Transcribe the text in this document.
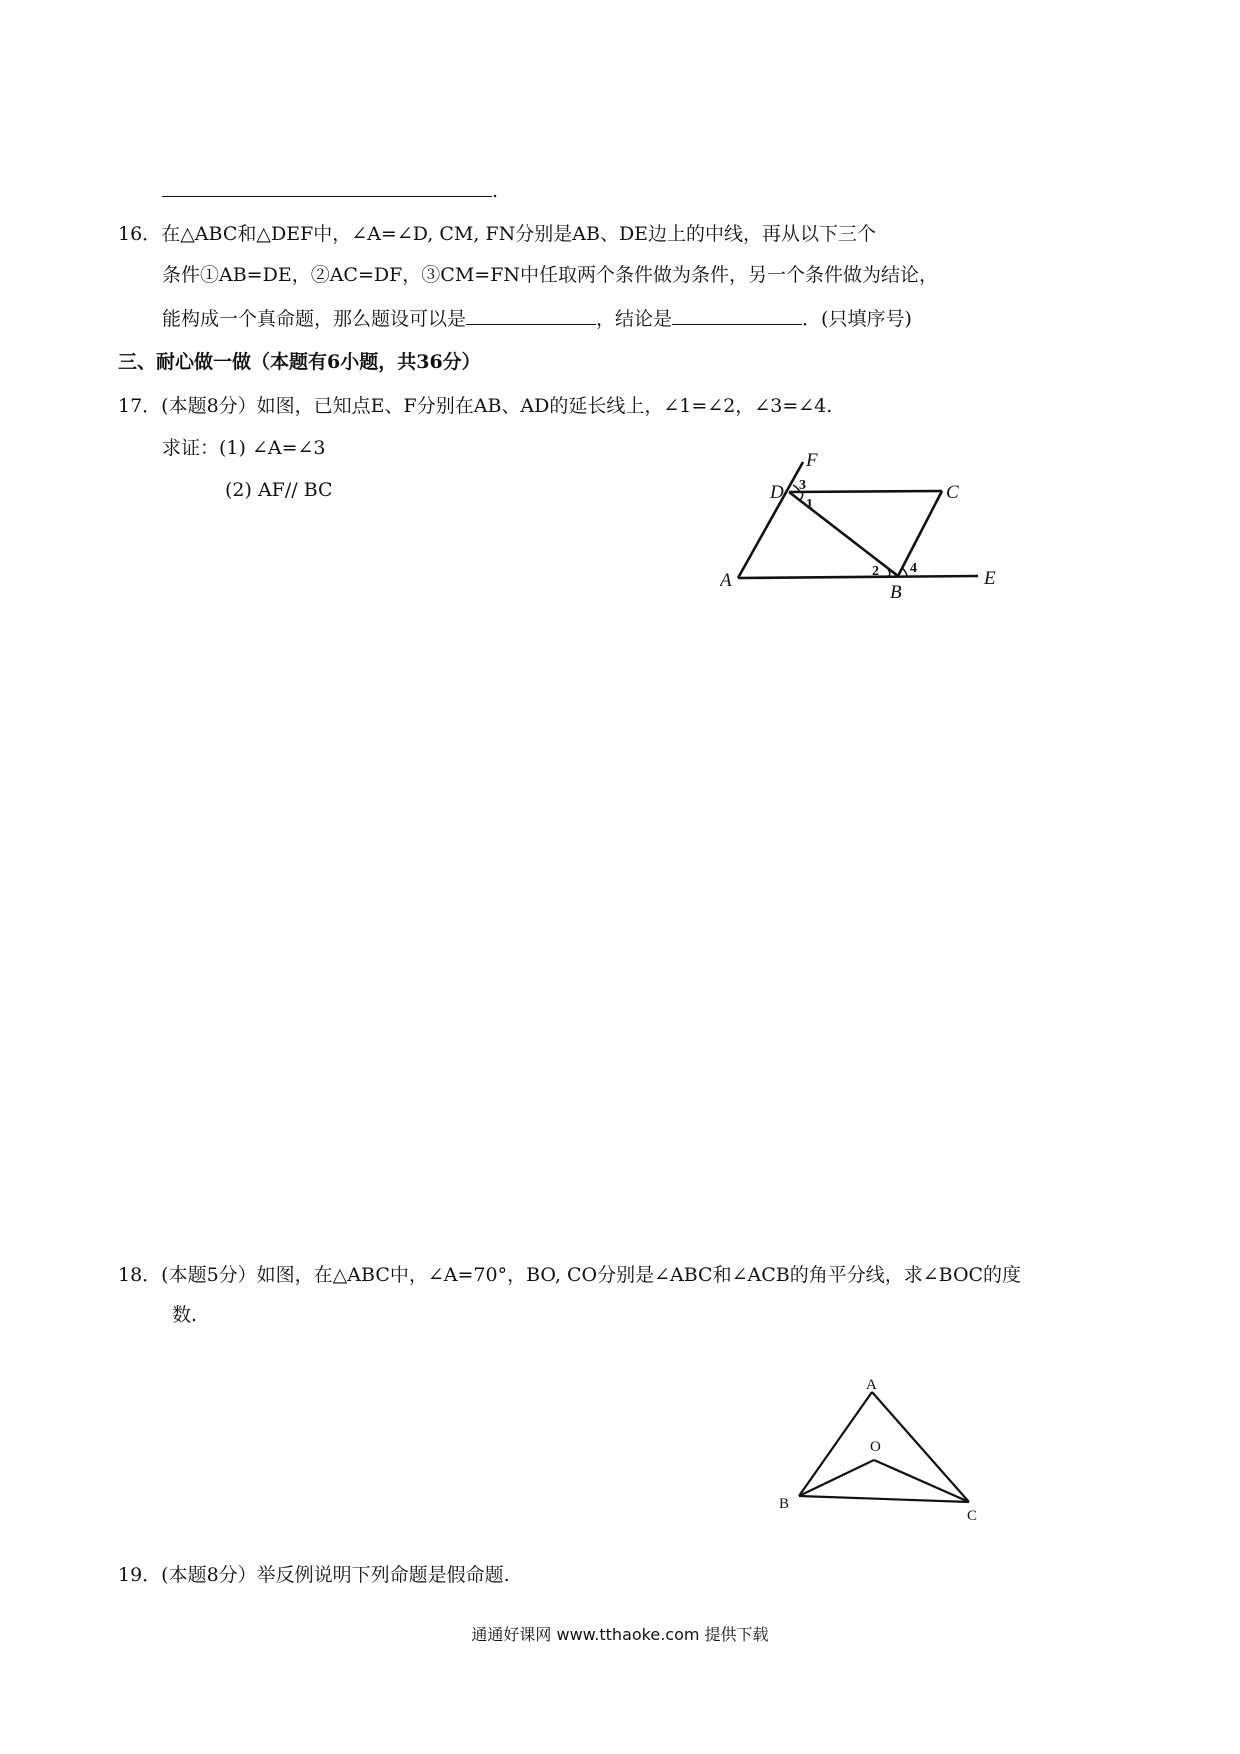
.
16．在△ABC和△DEF中，∠A=∠D, CM, FN分别是AB、DE边上的中线，再从以下三个
条件①AB=DE，②AC=DF，③CM=FN中任取两个条件做为条件，另一个条件做为结论，
能构成一个真命题，那么题设可以是	，结论是	．(只填序号)
三、耐心做一做（本题有6小题，共36分）
17．(本题8分）如图，已知点E、F分别在AB、AD的延长线上，∠1=∠2，∠3=∠4.
求证：(1) ∠A=∠3
(2) AF// BC
F
D	C
A
B
E
3
1
2 4
18．(本题5分）如图，在△ABC中，∠A=70°，BO, CO分别是∠ABC和∠ACB的角平分线，求∠BOC的度
数.
A
O
B
C
19．(本题8分）举反例说明下列命题是假命题.
通通好课网 www.tthaoke.com 提供下载
